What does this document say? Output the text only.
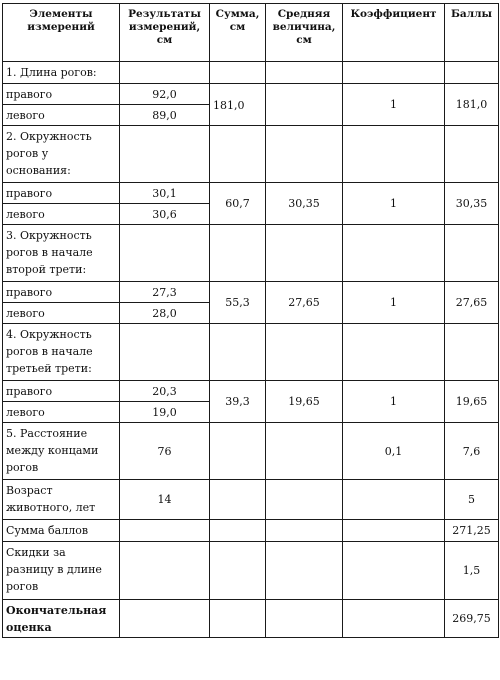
Элементы измерений	Результаты измерений, см	Сумма, см	Средняя величина, см	Коэффициент	Баллы
1. Длина рогов:					
правого	92,0	181,0		1	181,0
левого	89,0				
2. Окружность рогов у основания:					
правого	30,1	60,7	30,35	1	30,35
левого	30,6				
3. Окружность рогов в начале второй трети:					
правого	27,3	55,3	27,65	1	27,65
левого	28,0				
4. Окружность рогов в начале третьей трети:					
правого	20,3	39,3	19,65	1	19,65
левого	19,0				
5. Расстояние между концами рогов	76			0,1	7,6
Возраст животного, лет	14				5
Сумма баллов					271,25
Скидки за разницу в длине рогов					1,5
Окончательная оценка					269,75
